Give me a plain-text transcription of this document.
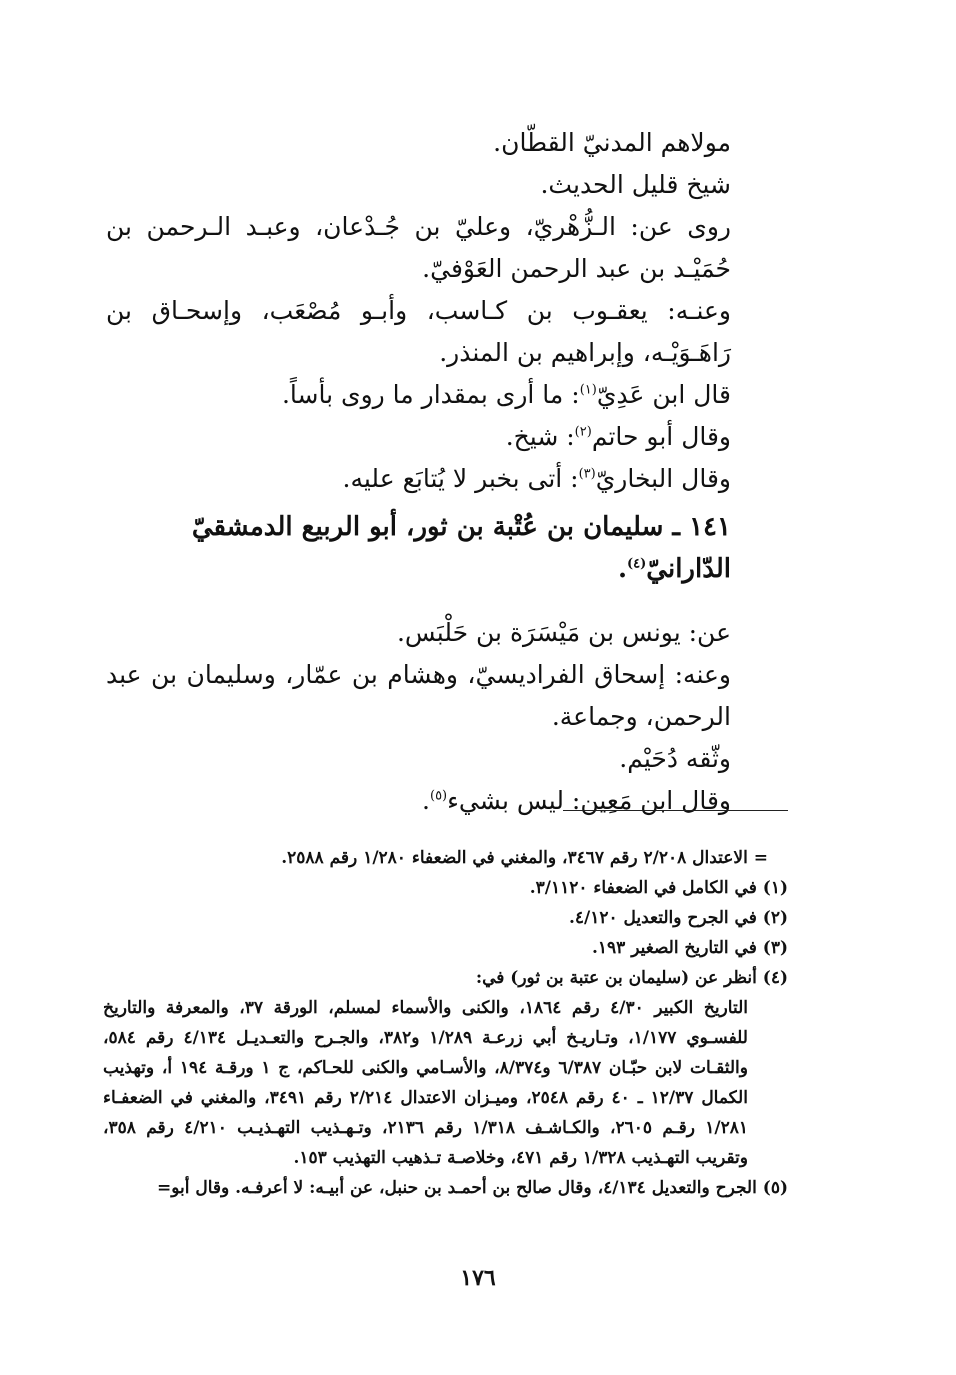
مولاهم المدنيّ القطّان.

شيخ قليل الحديث.

روى عن: الـزُّهْريّ، وعليّ بن جُـدْعان، وعبـد الـرحمن بن حُمَيْـد بن عبد الرحمن العَوْفيّ.

وعنـه: يعقـوب بن كـاسب، وأبـو مُصْعَب، وإسحـاق بن رَاهَـوَيْـه، وإبراهيم بن المنذر.

قال ابن عَدِيّ$^{(١)}$: ما أرى بمقدار ما روى بأساً.

وقال أبو حاتم$^{(٢)}$: شيخ.

وقال البخاريّ$^{(٣)}$: أتى بخبر لا يُتابَع عليه.

١٤١ ـ سليمان بن عُتْبة بن ثور، أبو الربيع الدمشقيّ الدّارانيّ$^{(٤)}$.

عن: يونس بن مَيْسَرَة بن حَلْبَس.

وعنه: إسحاق الفراديسيّ، وهشام بن عمّار، وسليمان بن عبد الرحمن، وجماعة.

وثّقه دُحَيْم.

وقال ابن مَعِين: ليس بشيء$^{(٥)}$.

= الاعتدال ٢/٢٠٨ رقم ٣٤٦٧، والمغني في الضعفاء ١/٢٨٠ رقم ٢٥٨٨.

(١) في الكامل في الضعفاء ٣/١١٢٠.

(٢) في الجرح والتعديل ٤/١٢٠.

(٣) في التاريخ الصغير ١٩٣.

(٤) أنظر عن (سليمان بن عتبة بن ثور) في:

التاريخ الكبير ٤/٣٠ رقم ١٨٦٤، والكنى والأسماء لمسلم، الورقة ٣٧، والمعرفة والتاريخ للفسـوي ١/١٧٧، وتـاريـخ أبي زرعـة ١/٢٨٩ و٣٨٢، والجـرح والتعـديـل ٤/١٣٤ رقم ٥٨٤، والثقـات لابن حبّـان ٦/٣٨٧ و٨/٣٧٤، والأسـامي والكنى للحـاكم، ج ١ ورقـة ١٩٤ أ، وتهذيب الكمال ١٢/٣٧ ـ ٤٠ رقم ٢٥٤٨، وميـزان الاعتدال ٢/٢١٤ رقم ٣٤٩١، والمغني في الضعفـاء ١/٢٨١ رقـم ٢٦٠٥، والكـاشـف ١/٣١٨ رقم ٢١٣٦، وتـهـذيب التهـذيـب ٤/٢١٠ رقم ٣٥٨، وتقريب التهـذيب ١/٣٢٨ رقم ٤٧١، وخلاصـة تـذهيب التهذيب ١٥٣.

(٥) الجرح والتعديل ٤/١٣٤، وقال صالح بن أحمـد بن حنبل، عن أبيـه: لا أعرفـه. وقال أبو=

١٧٦
